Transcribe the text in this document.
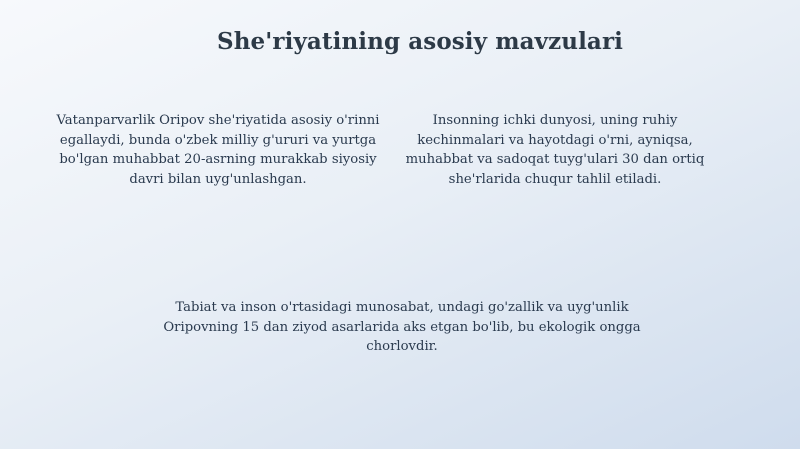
She'riyatining asosiy mavzulari
Vatanparvarlik Oripov she'riyatida asosiy o'rinni egallaydi, bunda o'zbek milliy g'ururi va yurtga bo'lgan muhabbat 20-asrning murakkab siyosiy davri bilan uyg'unlashgan.
Insonning ichki dunyosi, uning ruhiy kechinmalari va hayotdagi o'rni, ayniqsa, muhabbat va sadoqat tuyg'ulari 30 dan ortiq she'rlarida chuqur tahlil etiladi.
Tabiat va inson o'rtasidagi munosabat, undagi go'zallik va uyg'unlik Oripovning 15 dan ziyod asarlarida aks etgan bo'lib, bu ekologik ongga chorlovdir.
